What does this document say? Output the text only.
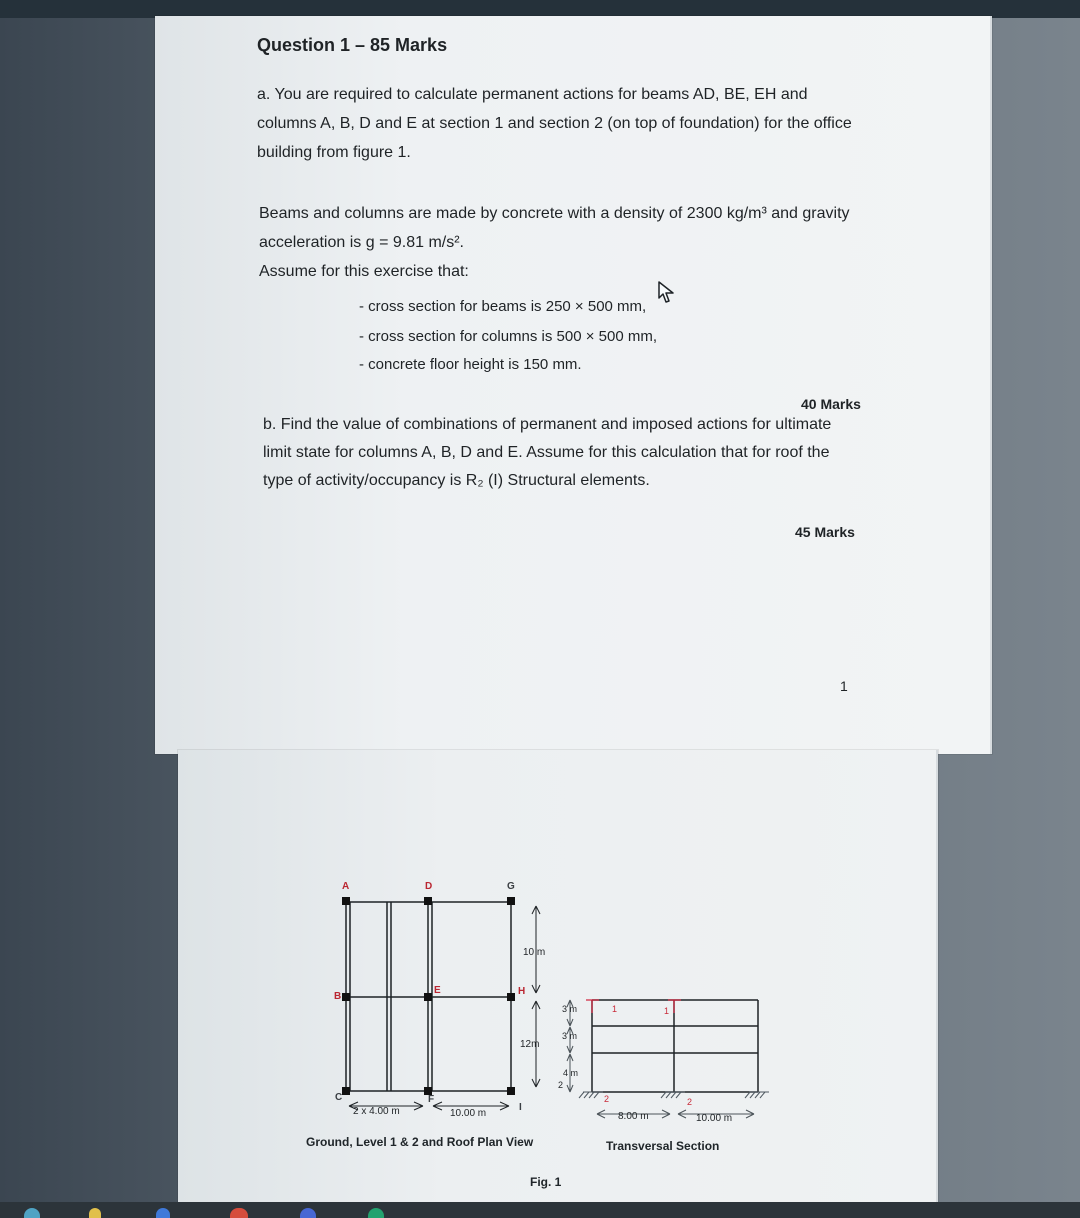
Question 1 – 85 Marks
a. You are required to calculate permanent actions for beams AD, BE, EH and
columns A, B, D and E at section 1 and section 2 (on top of foundation) for the office
building from figure 1.
Beams and columns are made by concrete with a density of 2300 kg/m³ and gravity
acceleration is g = 9.81 m/s².
Assume for this exercise that:
- cross section for beams is 250 × 500 mm,
- cross section for columns is 500 × 500 mm,
- concrete floor height is 150 mm.
40 Marks
b. Find the value of combinations of permanent and imposed actions for ultimate
limit state for columns A, B, D and E. Assume for this calculation that for roof the
type of activity/occupancy is R₂ (I) Structural elements.
45 Marks
1
A	D	G
B
E	H
C	F
I
10 m
12m
2 x 4.00 m	10.00 m
3 m
3 m
4 m
2
1	1
2	2
8.00 m	10.00 m
Ground, Level 1 & 2 and Roof Plan View	Transversal Section
Fig. 1
